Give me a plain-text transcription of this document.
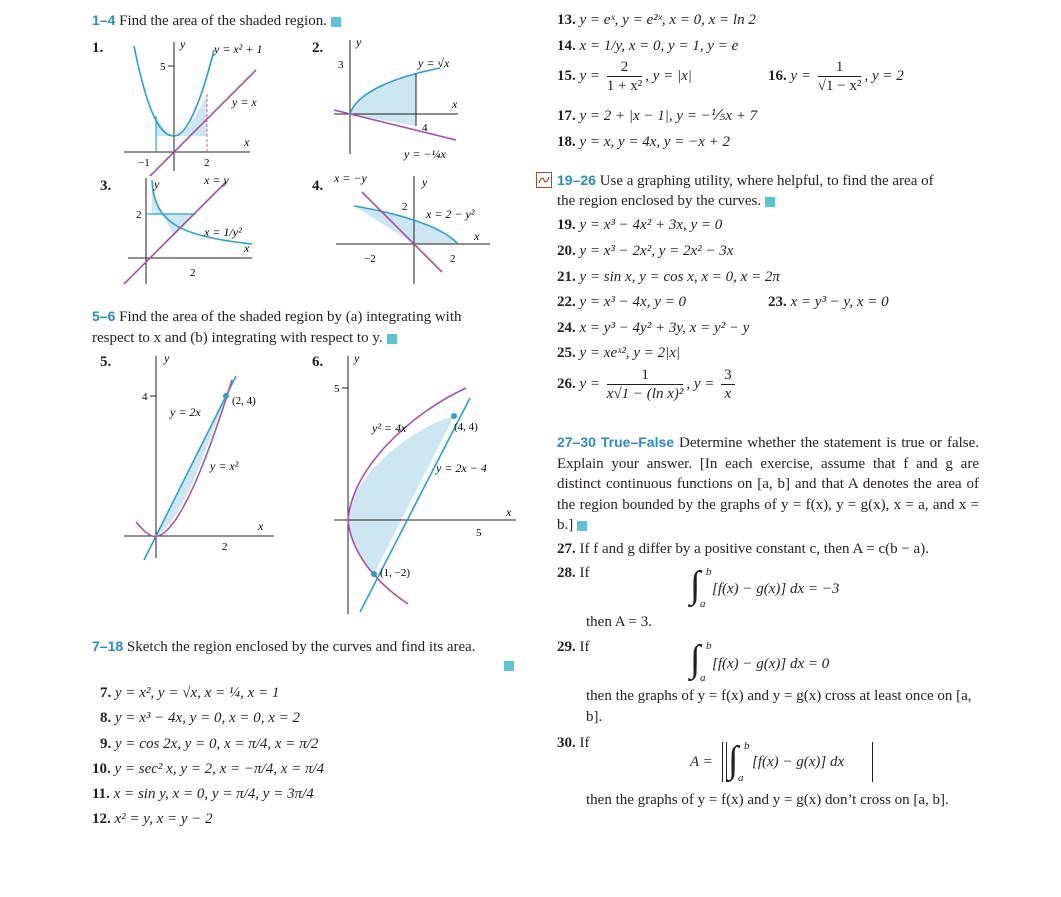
1–4 Find the area of the shaded region.
1.
5
−1	2
x
y y = x² + 1
y = x
2.
3
4
x
y
y = √x
y = −¼x
3.
2
2
x
y	x = y
x = 1/y²
4.
2
−2	2
x
y
x = −y
x = 2 − y²
5–6 Find the area of the shaded region by (a) integrating with
respect to x and (b) integrating with respect to y.
5.
4
2
x
y
(2, 4)
y = 2x
y = x²
6.
5
5
x
y
(4, 4)
(1, −2)
y² = 4x
y = 2x − 4
7–18 Sketch the region enclosed by the curves and find its area.
7. y = x², y = √x, x = ¼, x = 1
8. y = x³ − 4x, y = 0, x = 0, x = 2
9. y = cos 2x, y = 0, x = π/4, x = π/2
10. y = sec² x, y = 2, x = −π/4, x = π/4
11. x = sin y, x = 0, y = π/4, y = 3π/4
12. x² = y, x = y − 2
13. y = eˣ, y = e²ˣ, x = 0, x = ln 2
14. x = 1/y, x = 0, y = 1, y = e
15. $y = \frac{2}{\text{1 + x²}}$ , y = |x|	16. $y = \frac{1}{\text{√1 − x²}}$ , y = 2
17. y = 2 + |x − 1|, y = −⅕x + 7
18. y = x, y = 4x, y = −x + 2
19–26 Use a graphing utility, where helpful, to find the area of
the region enclosed by the curves.
19. y = x³ − 4x² + 3x, y = 0
20. y = x³ − 2x², y = 2x² − 3x
21. y = sin x, y = cos x, x = 0, x = 2π
22. y = x³ − 4x, y = 0	23. x = y³ − y, x = 0
24. x = y³ − 4y² + 3y, x = y² − y
25. y = xeˣ², y = 2|x|
26. $y = \frac{1}{\text{x√1 − (ln x)²}}$ , $y = \frac{3}{x}$
27–30 True–False Determine whether the statement is true or false. Explain your answer. [In each exercise, assume that f and g are distinct continuous functions on [a, b] and that A denotes the area of the region bounded by the graphs of y = f(x), y = g(x), x = a, and x = b.]
27. If f and g differ by a positive constant c, then A = c(b − a).
28. If	∫ b
a
[f(x) − g(x)] dx = −3
then A = 3.
29. If	∫ b
a
[f(x) − g(x)] dx = 0
then the graphs of y = f(x) and y = g(x) cross at least once on [a, b].
30. If
A = ∫ b
a
[f(x) − g(x)] dx
then the graphs of y = f(x) and y = g(x) don’t cross on [a, b].
